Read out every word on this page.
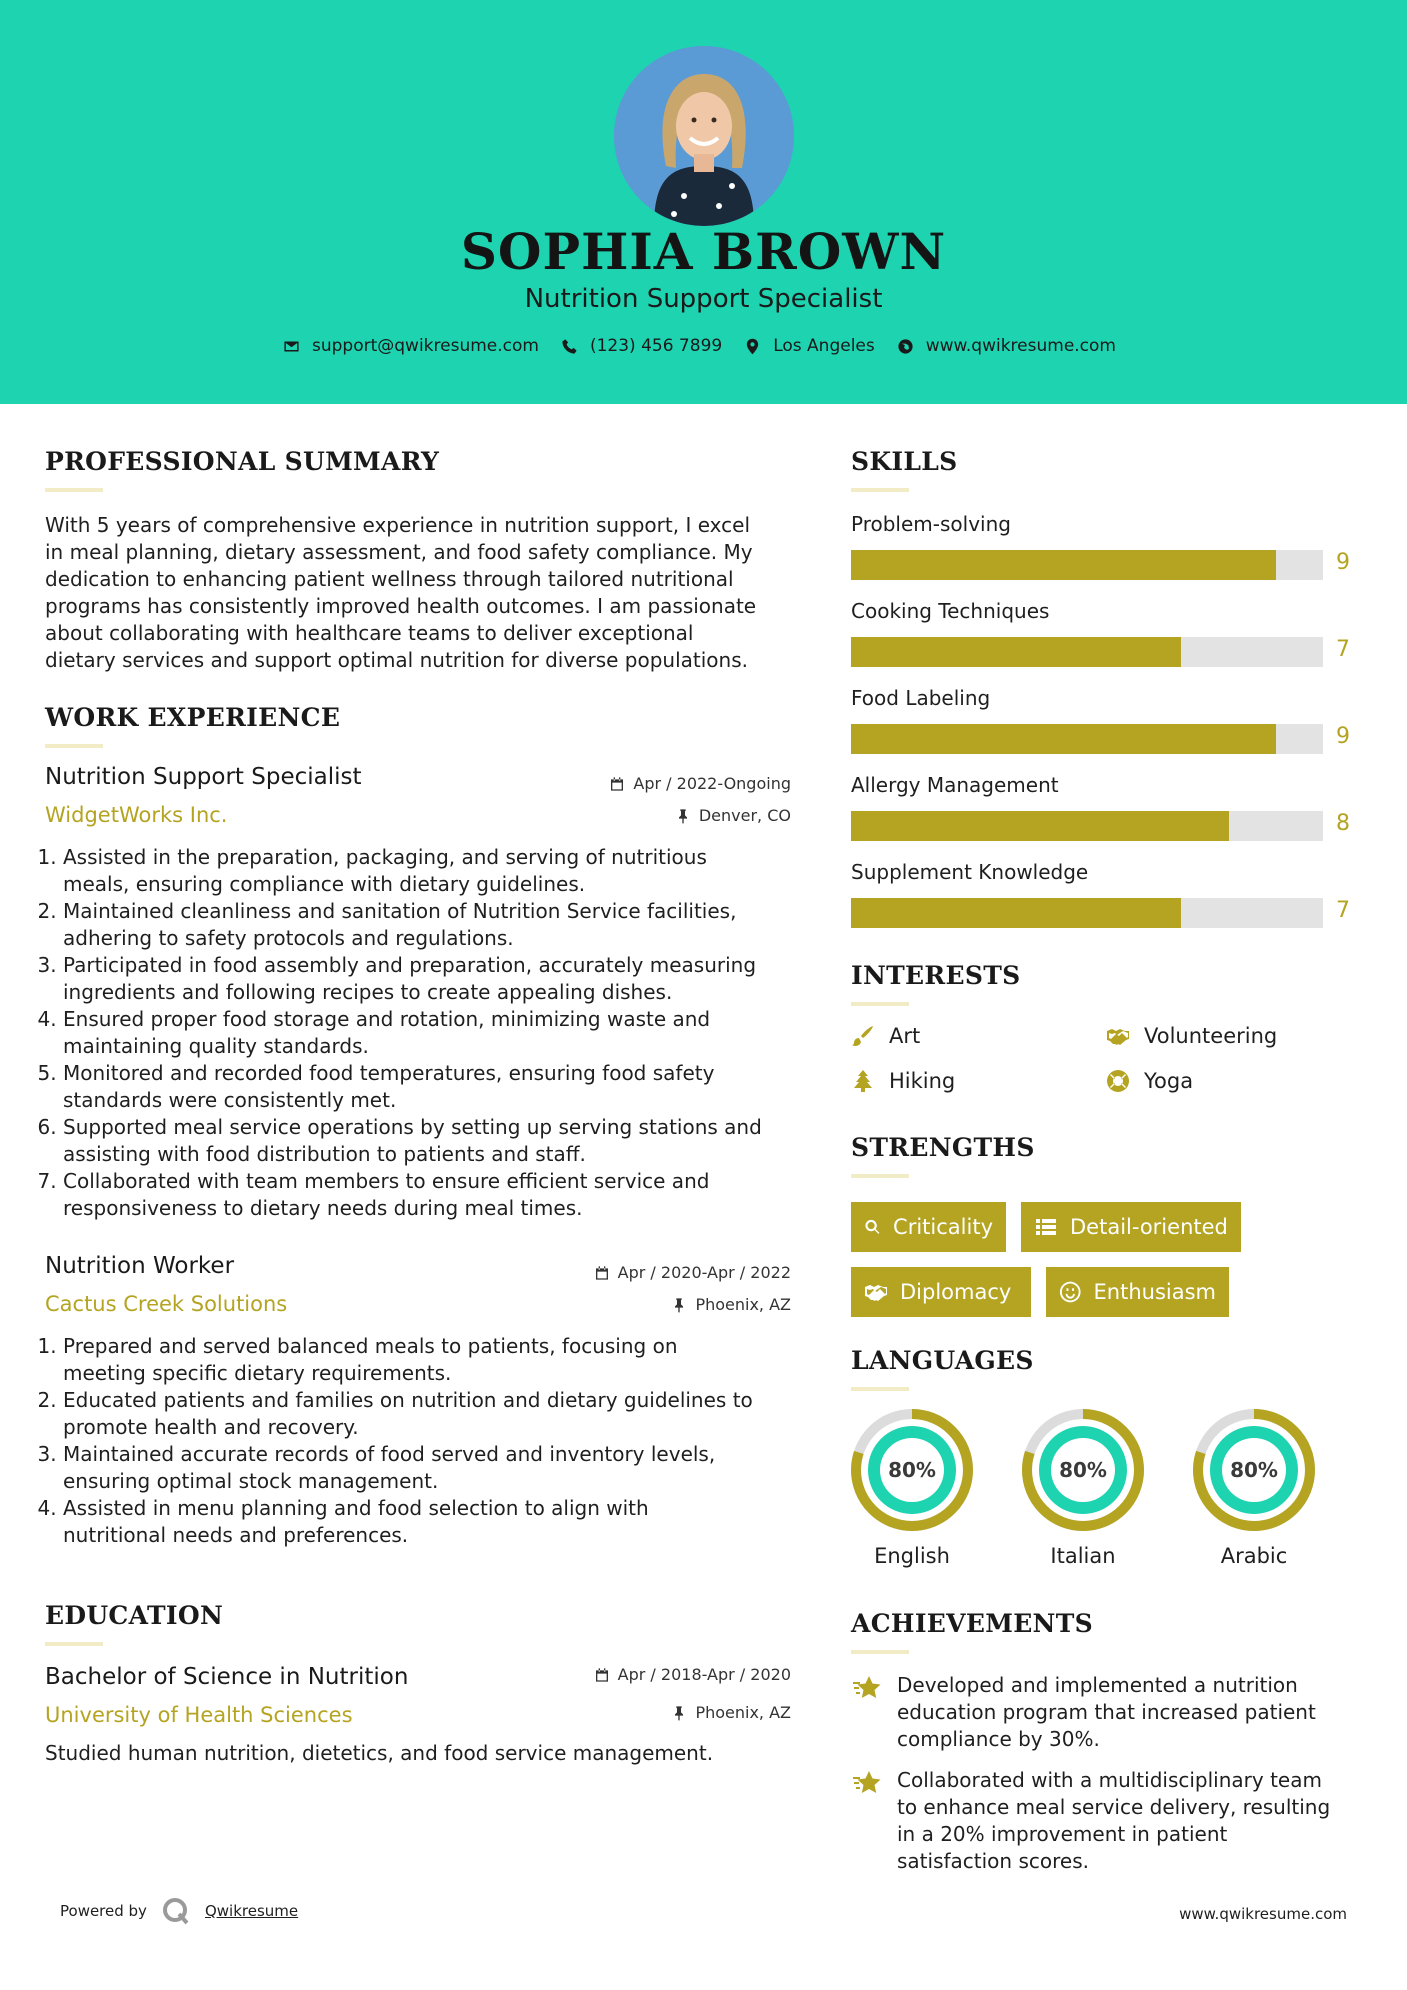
SOPHIA BROWN
Nutrition Support Specialist
support@qwikresume.com	(123) 456 7899	Los Angeles	www.qwikresume.com
PROFESSIONAL SUMMARY
With 5 years of comprehensive experience in nutrition support, I excel
in meal planning, dietary assessment, and food safety compliance. My
dedication to enhancing patient wellness through tailored nutritional
programs has consistently improved health outcomes. I am passionate
about collaborating with healthcare teams to deliver exceptional
dietary services and support optimal nutrition for diverse populations.
WORK EXPERIENCE
Nutrition Support Specialist	Apr / 2022-Ongoing
WidgetWorks Inc.	Denver, CO
1. Assisted in the preparation, packaging, and serving of nutritious
meals, ensuring compliance with dietary guidelines.
2. Maintained cleanliness and sanitation of Nutrition Service facilities,
adhering to safety protocols and regulations.
3. Participated in food assembly and preparation, accurately measuring
ingredients and following recipes to create appealing dishes.
4. Ensured proper food storage and rotation, minimizing waste and
maintaining quality standards.
5. Monitored and recorded food temperatures, ensuring food safety
standards were consistently met.
6. Supported meal service operations by setting up serving stations and
assisting with food distribution to patients and staff.
7. Collaborated with team members to ensure efficient service and
responsiveness to dietary needs during meal times.
Nutrition Worker	Apr / 2020-Apr / 2022
Cactus Creek Solutions	Phoenix, AZ
1. Prepared and served balanced meals to patients, focusing on
meeting specific dietary requirements.
2. Educated patients and families on nutrition and dietary guidelines to
promote health and recovery.
3. Maintained accurate records of food served and inventory levels,
ensuring optimal stock management.
4. Assisted in menu planning and food selection to align with
nutritional needs and preferences.
EDUCATION
Bachelor of Science in Nutrition	Apr / 2018-Apr / 2020
University of Health Sciences	Phoenix, AZ
Studied human nutrition, dietetics, and food service management.
SKILLS
Problem-solving
9
Cooking Techniques
7
Food Labeling
9
Allergy Management
8
Supplement Knowledge
7
INTERESTS
Art	Volunteering
Hiking	Yoga
STRENGTHS
Criticality	Detail-oriented
Diplomacy	Enthusiasm
LANGUAGES
80%
English
80%
Italian
80%
Arabic
ACHIEVEMENTS
Developed and implemented a nutrition
education program that increased patient
compliance by 30%.
Collaborated with a multidisciplinary team
to enhance meal service delivery, resulting
in a 20% improvement in patient
satisfaction scores.
Powered by	Qwikresume	www.qwikresume.com
